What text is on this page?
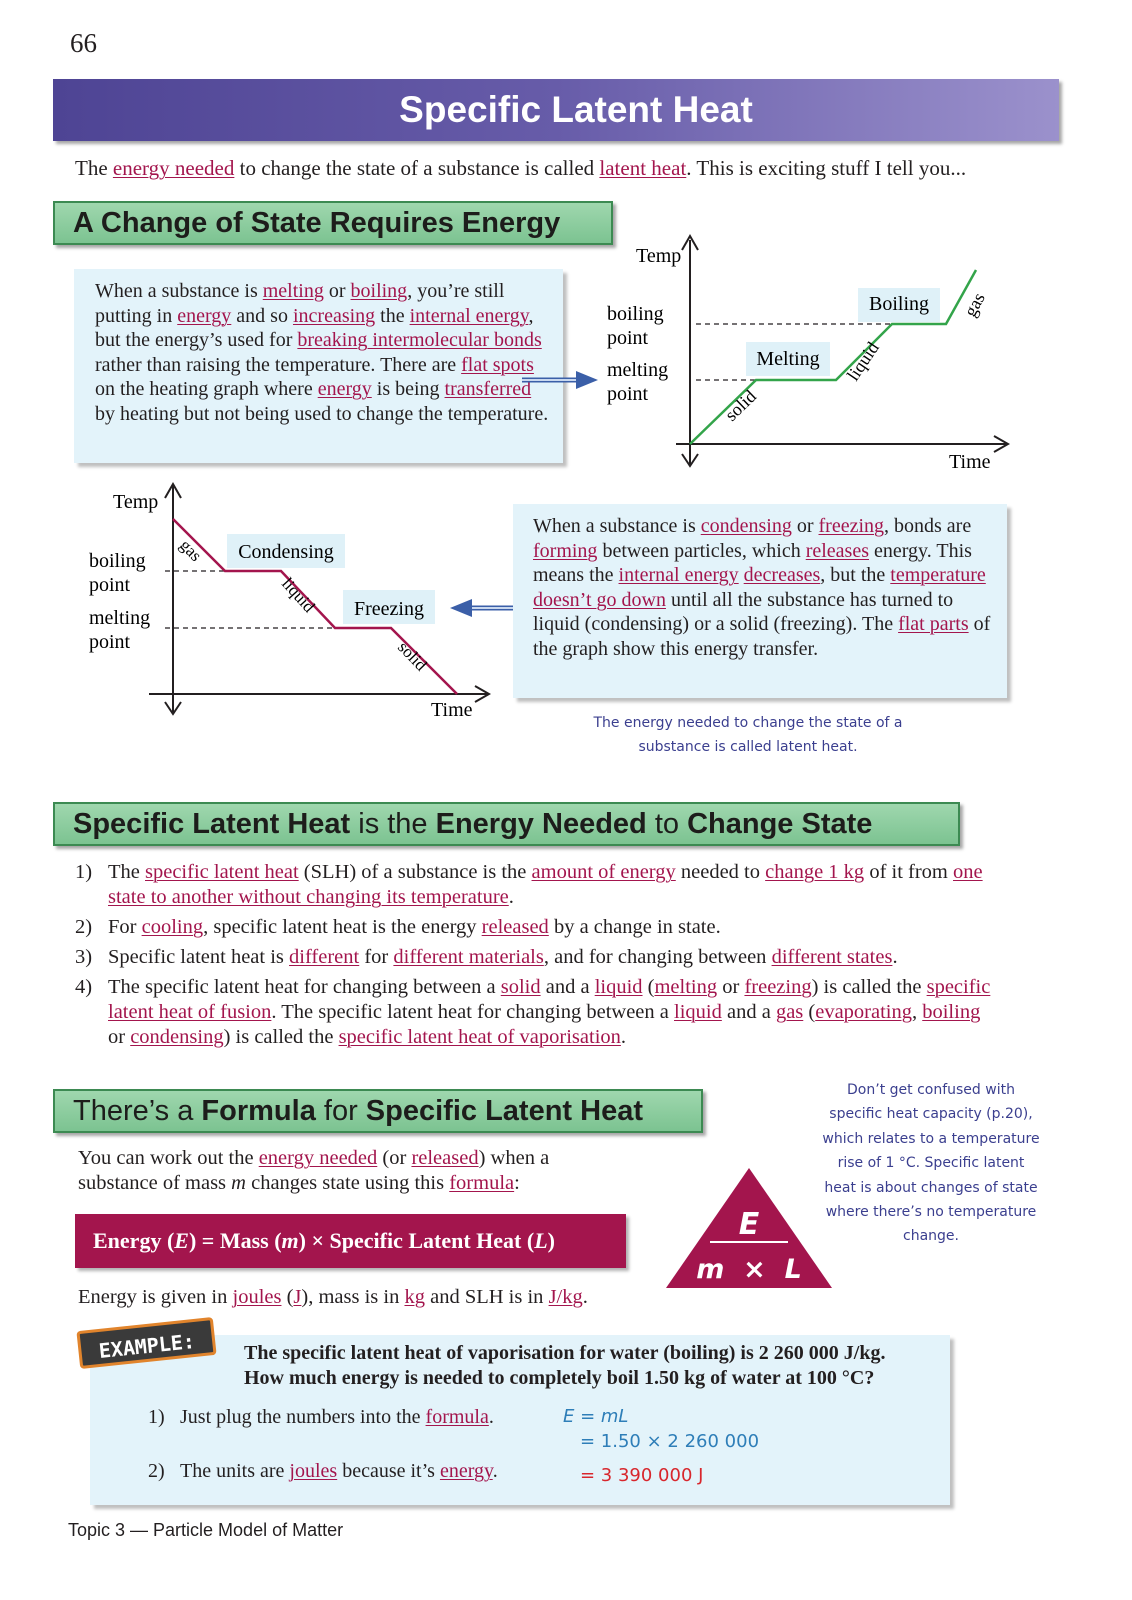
66
Specific Latent Heat
The energy needed to change the state of a substance is called latent heat. This is exciting stuff I tell you...
A Change of State Requires Energy
When a substance is melting or boiling, you’re still putting in energy and so increasing the internal energy, but the energy’s used for breaking intermolecular bonds rather than raising the temperature. There are flat spots on the heating graph where energy is being transferred by heating but not being used to change the temperature.
Temp
Time
boiling
point
melting
point
Boiling
Melting
solid
liquid
gas
Temp
Time
boiling
point
melting
point
Condensing
Freezing
gas
liquid
solid
When a substance is condensing or freezing, bonds are forming between particles, which releases energy. This means the internal energy decreases, but the temperature doesn’t go down until all the substance has turned to liquid (condensing) or a solid (freezing). The flat parts of the graph show this energy transfer.
The energy needed to change the state of a substance is called latent heat.
Specific Latent Heat is the Energy Needed to Change State
1) The specific latent heat (SLH) of a substance is the amount of energy needed to change 1 kg of it from one state to another without changing its temperature.
2) For cooling, specific latent heat is the energy released by a change in state.
3) Specific latent heat is different for different materials, and for changing between different states.
4) The specific latent heat for changing between a solid and a liquid (melting or freezing) is called the specific latent heat of fusion. The specific latent heat for changing between a liquid and a gas (evaporating, boiling or condensing) is called the specific latent heat of vaporisation.
There’s a Formula for Specific Latent Heat
Don’t get confused with specific heat capacity (p.20), which relates to a temperature rise of 1 °C. Specific latent heat is about changes of state where there’s no temperature change.
You can work out the energy needed (or released) when a substance of mass m changes state using this formula:
Energy (E) = Mass (m) × Specific Latent Heat (L)	E
m  ×  L
Energy is given in joules (J), mass is in kg and SLH is in J/kg.
EXAMPLE:	The specific latent heat of vaporisation for water (boiling) is 2 260 000 J/kg.
How much energy is needed to completely boil 1.50 kg of water at 100 °C?
1) Just plug the numbers into the formula.
2) The units are joules because it’s energy.
E = mL
= 1.50 × 2 260 000
= 3 390 000 J
Topic 3 — Particle Model of Matter
